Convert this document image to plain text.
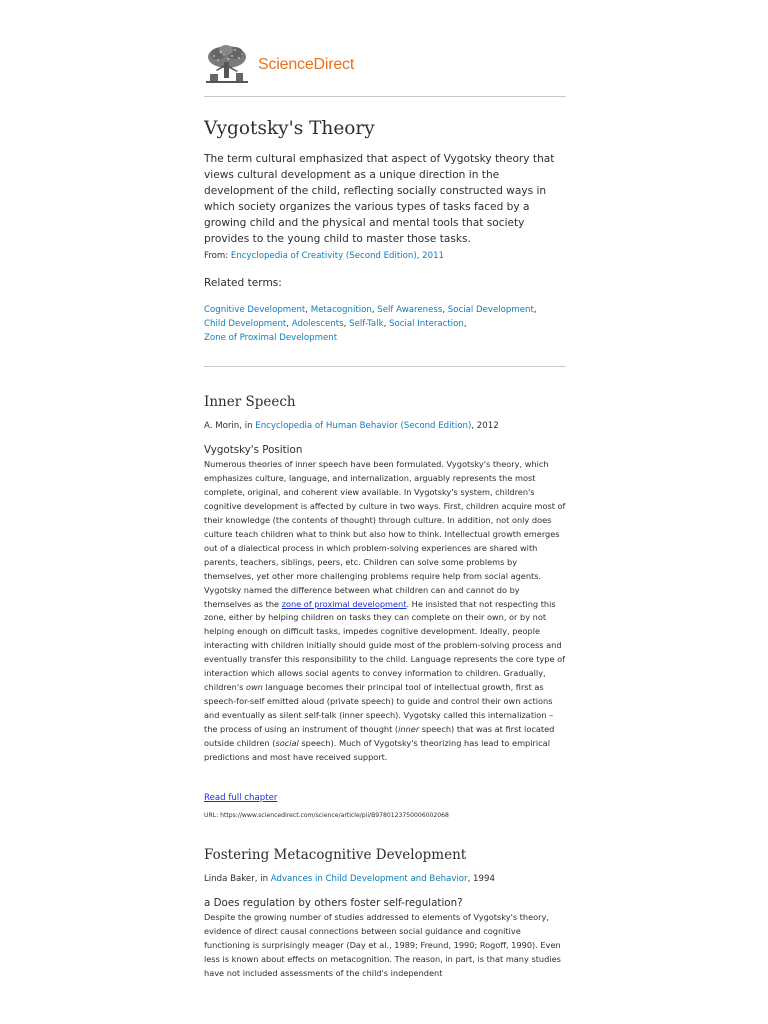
ScienceDirect
Vygotsky's Theory

The term cultural emphasized that aspect of Vygotsky theory that views cultural development as a unique direction in the development of the child, reflecting socially constructed ways in which society organizes the various types of tasks faced by a growing child and the physical and mental tools that society provides to the young child to master those tasks.

From: Encyclopedia of Creativity (Second Edition), 2011
Related terms:
Cognitive Development, Metacognition, Self Awareness, Social Development,
Child Development, Adolescents, Self-Talk, Social Interaction,
Zone of Proximal Development
Inner Speech
A. Morin, in Encyclopedia of Human Behavior (Second Edition), 2012
Vygotsky's Position

Numerous theories of inner speech have been formulated. Vygotsky's theory, which emphasizes culture, language, and internalization, arguably represents the most complete, original, and coherent view available. In Vygotsky's system, children's cognitive development is affected by culture in two ways. First, children acquire most of their knowledge (the contents of thought) through culture. In addition, not only does culture teach children what to think but also how to think. Intellectual growth emerges out of a dialectical process in which problem-solving experiences are shared with parents, teachers, siblings, peers, etc. Children can solve some problems by themselves, yet other more challenging problems require help from social agents. Vygotsky named the difference between what children can and cannot do by themselves as the zone of proximal development. He insisted that not respecting this zone, either by helping children on tasks they can complete on their own, or by not helping enough on difficult tasks, impedes cognitive development. Ideally, people interacting with children initially should guide most of the problem-solving process and eventually transfer this responsibility to the child. Language represents the core type of interaction which allows social agents to convey information to children. Gradually, children's own language becomes their principal tool of intellectual growth, first as speech-for-self emitted aloud (private speech) to guide and control their own actions and eventually as silent self-talk (inner speech). Vygotsky called this internalization – the process of using an instrument of thought (inner speech) that was at first located outside children (social speech). Much of Vygotsky's theorizing has lead to empirical predictions and most have received support.

Read full chapter
URL: https://www.sciencedirect.com/science/article/pii/B9780123750006002068
Fostering Metacognitive Development
Linda Baker, in Advances in Child Development and Behavior, 1994
a Does regulation by others foster self-regulation?

Despite the growing number of studies addressed to elements of Vygotsky's theory, evidence of direct causal connections between social guidance and cognitive functioning is surprisingly meager (Day et al., 1989; Freund, 1990; Rogoff, 1990). Even less is known about effects on metacognition. The reason, in part, is that many studies have not included assessments of the child's independent
